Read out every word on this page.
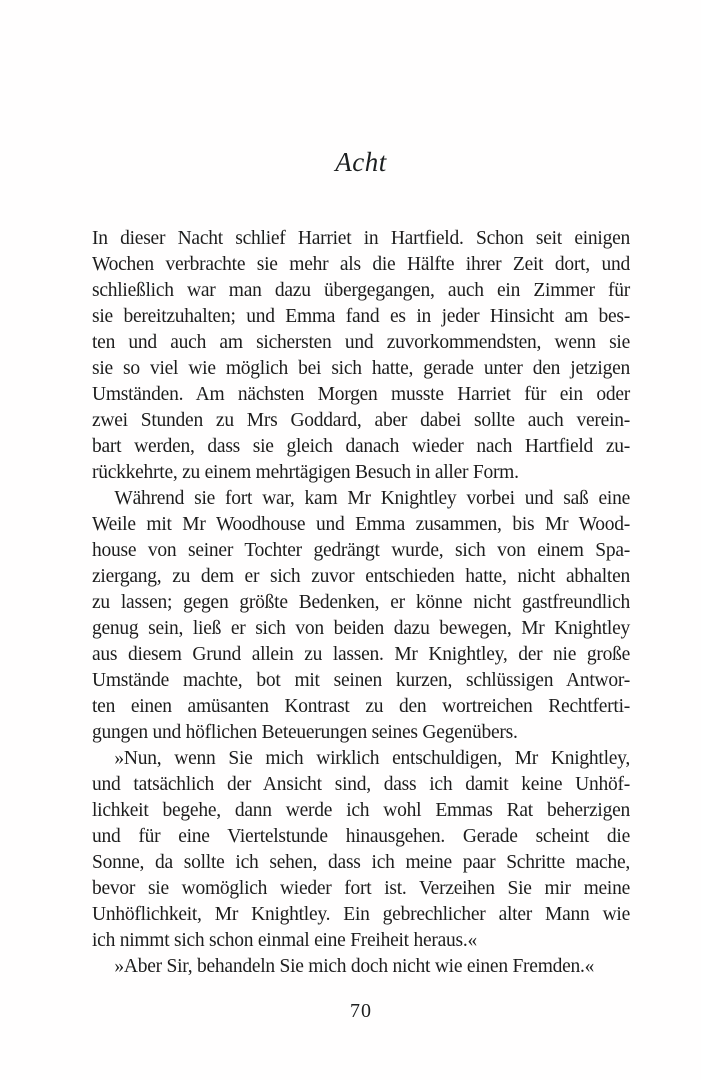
Acht
In dieser Nacht schlief Harriet in Hartfield. Schon seit einigen
Wochen verbrachte sie mehr als die Hälfte ihrer Zeit dort, und
schließlich war man dazu übergegangen, auch ein Zimmer für
sie bereitzuhalten; und Emma fand es in jeder Hinsicht am bes-
ten und auch am sichersten und zuvorkommendsten, wenn sie
sie so viel wie möglich bei sich hatte, gerade unter den jetzigen
Umständen. Am nächsten Morgen musste Harriet für ein oder
zwei Stunden zu Mrs Goddard, aber dabei sollte auch verein-
bart werden, dass sie gleich danach wieder nach Hartfield zu-
rückkehrte, zu einem mehrtägigen Besuch in aller Form.
Während sie fort war, kam Mr Knightley vorbei und saß eine
Weile mit Mr Woodhouse und Emma zusammen, bis Mr Wood-
house von seiner Tochter gedrängt wurde, sich von einem Spa-
ziergang, zu dem er sich zuvor entschieden hatte, nicht abhalten
zu lassen; gegen größte Bedenken, er könne nicht gastfreundlich
genug sein, ließ er sich von beiden dazu bewegen, Mr Knightley
aus diesem Grund allein zu lassen. Mr Knightley, der nie große
Umstände machte, bot mit seinen kurzen, schlüssigen Antwor-
ten einen amüsanten Kontrast zu den wortreichen Rechtferti-
gungen und höflichen Beteuerungen seines Gegenübers.
»Nun, wenn Sie mich wirklich entschuldigen, Mr Knightley,
und tatsächlich der Ansicht sind, dass ich damit keine Unhöf-
lichkeit begehe, dann werde ich wohl Emmas Rat beherzigen
und für eine Viertelstunde hinausgehen. Gerade scheint die
Sonne, da sollte ich sehen, dass ich meine paar Schritte mache,
bevor sie womöglich wieder fort ist. Verzeihen Sie mir meine
Unhöflichkeit, Mr Knightley. Ein gebrechlicher alter Mann wie
ich nimmt sich schon einmal eine Freiheit heraus.«
»Aber Sir, behandeln Sie mich doch nicht wie einen Fremden.«
70
